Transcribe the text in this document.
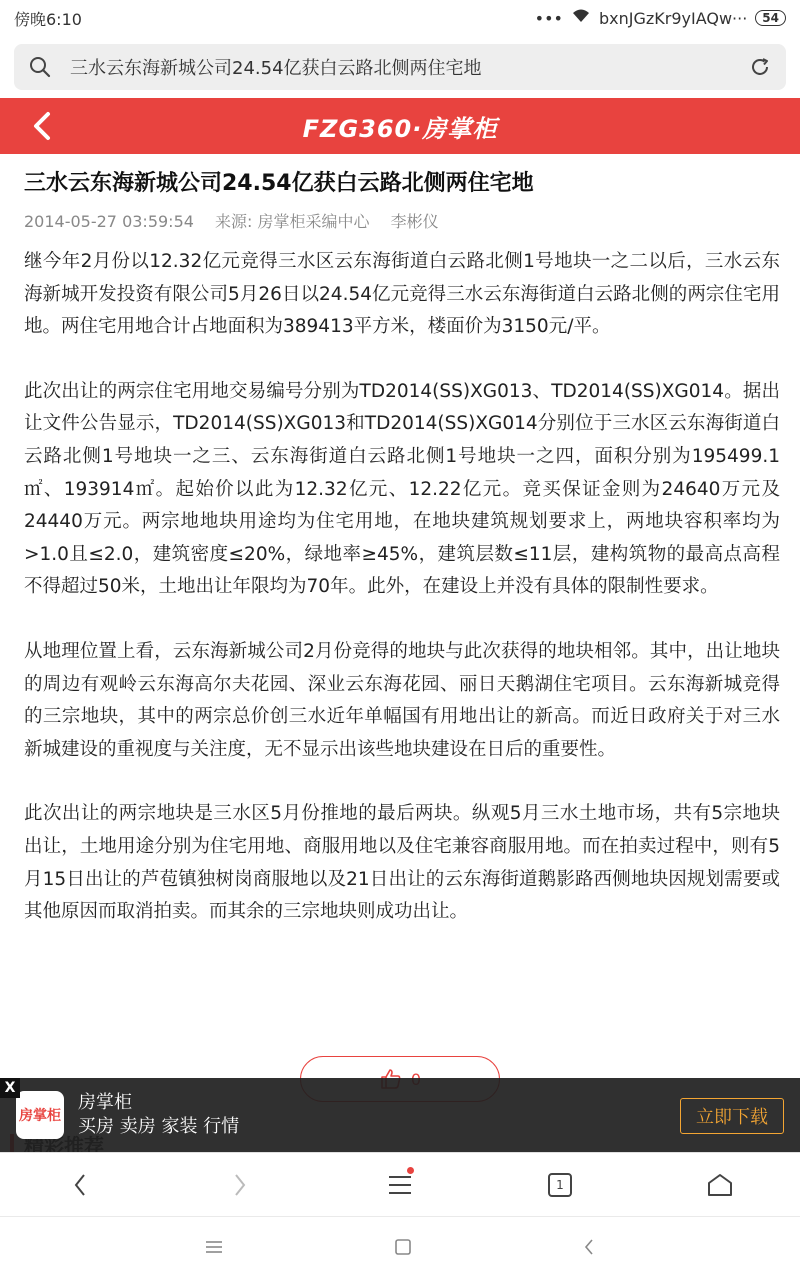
傍晚6:10	••• bxnJGzKr9yIAQw···	54
三水云东海新城公司24.54亿获白云路北侧两住宅地
FZG360·房掌柜
三水云东海新城公司24.54亿获白云路北侧两住宅地
2014-05-27 03:59:54 来源: 房掌柜采编中心 李彬仪

继今年2月份以12.32亿元竞得三水区云东海街道白云路北侧1号地块一之二以后，三水云东海新城开发投资有限公司5月26日以24.54亿元竞得三水云东海街道白云路北侧的两宗住宅用地。两住宅用地合计占地面积为389413平方米，楼面价为3150元/平。

此次出让的两宗住宅用地交易编号分别为TD2014(SS)XG013、TD2014(SS)XG014。据出让文件公告显示，TD2014(SS)XG013和TD2014(SS)XG014分别位于三水区云东海街道白云路北侧1号地块一之三、云东海街道白云路北侧1号地块一之四，面积分别为195499.1㎡、193914㎡。起始价以此为12.32亿元、12.22亿元。竞买保证金则为24640万元及24440万元。两宗地地块用途均为住宅用地，在地块建筑规划要求上，两地块容积率均为>1.0且≤2.0，建筑密度≤20%，绿地率≥45%，建筑层数≤11层，建构筑物的最高点高程不得超过50米，土地出让年限均为70年。此外，在建设上并没有具体的限制性要求。

从地理位置上看，云东海新城公司2月份竞得的地块与此次获得的地块相邻。其中，出让地块的周边有观岭云东海高尔夫花园、深业云东海花园、丽日天鹅湖住宅项目。云东海新城竞得的三宗地块，其中的两宗总价创三水近年单幅国有用地出让的新高。而近日政府关于对三水新城建设的重视度与关注度，无不显示出该些地块建设在日后的重要性。

此次出让的两宗地块是三水区5月份推地的最后两块。纵观5月三水土地市场，共有5宗地块出让，土地用途分别为住宅用地、商服用地以及住宅兼容商服用地。而在拍卖过程中，则有5月15日出让的芦苞镇独树岗商服地以及21日出让的云东海街道鹅影路西侧地块因规划需要或其他原因而取消拍卖。而其余的三宗地块则成功出让。

X
房掌柜
房掌柜
买房 卖房 家装 行情	立即下载
1
